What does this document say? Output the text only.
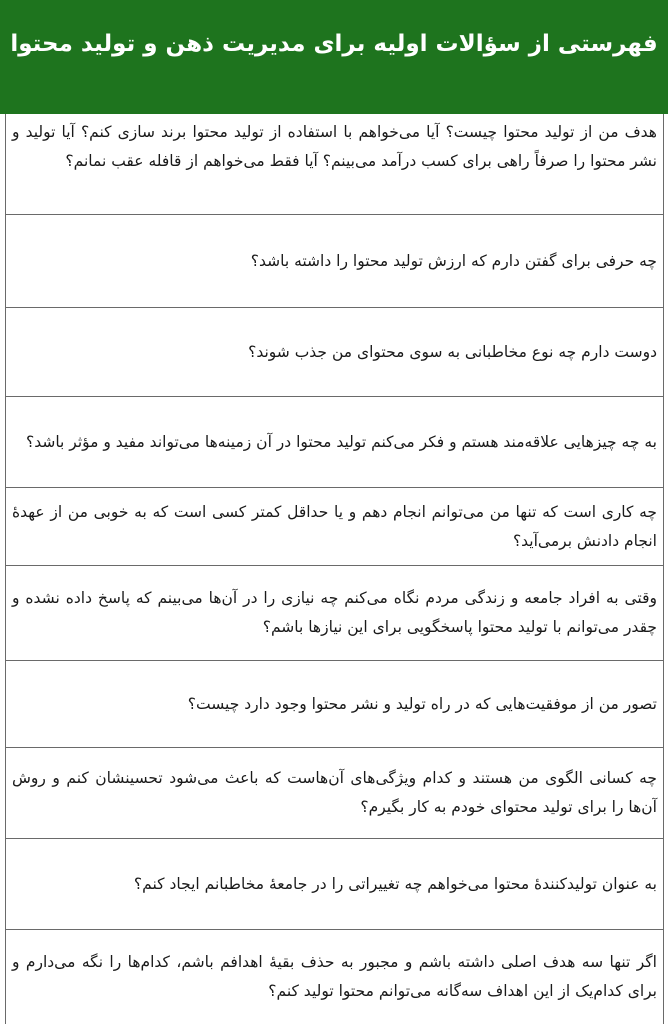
فهرستی از سؤالات اولیه برای مدیریت ذهن و تولید محتوا
هدف من از تولید محتوا چیست؟ آیا می‌خواهم با استفاده از تولید محتوا برند سازی کنم؟ آیا تولید و نشر محتوا را صرفاً راهی برای کسب درآمد می‌بینم؟ آیا فقط می‌خواهم از قافله عقب نمانم؟
چه حرفی برای گفتن دارم که ارزش تولید محتوا را داشته باشد؟
دوست دارم چه نوع مخاطبانی به سوی محتوای من جذب شوند؟
به چه چیزهایی علاقه‌مند هستم و فکر می‌کنم تولید محتوا در آن زمینه‌ها می‌تواند مفید و مؤثر باشد؟
چه کاری است که تنها من می‌توانم انجام دهم و یا حداقل کمتر کسی است که به خوبی من از عهدهٔ انجام دادنش برمی‌آید؟
وقتی به افراد جامعه و زندگی مردم نگاه می‌کنم چه نیازی را در آن‌ها می‌بینم که پاسخ داده نشده و چقدر می‌توانم با تولید محتوا پاسخگویی برای این نیازها باشم؟
تصور من از موفقیت‌هایی که در راه تولید و نشر محتوا وجود دارد چیست؟
چه کسانی الگوی من هستند و کدام ویژگی‌های آن‌هاست که باعث می‌شود تحسینشان کنم و روش آن‌ها را برای تولید محتوای خودم به کار بگیرم؟
به عنوان تولیدکنندهٔ محتوا می‌خواهم چه تغییراتی را در جامعهٔ مخاطبانم ایجاد کنم؟
اگر تنها سه هدف اصلی داشته باشم و مجبور به حذف بقیهٔ اهدافم باشم، کدام‌ها را نگه می‌دارم و برای کدام‌یک از این اهداف سه‌گانه می‌توانم محتوا تولید کنم؟
